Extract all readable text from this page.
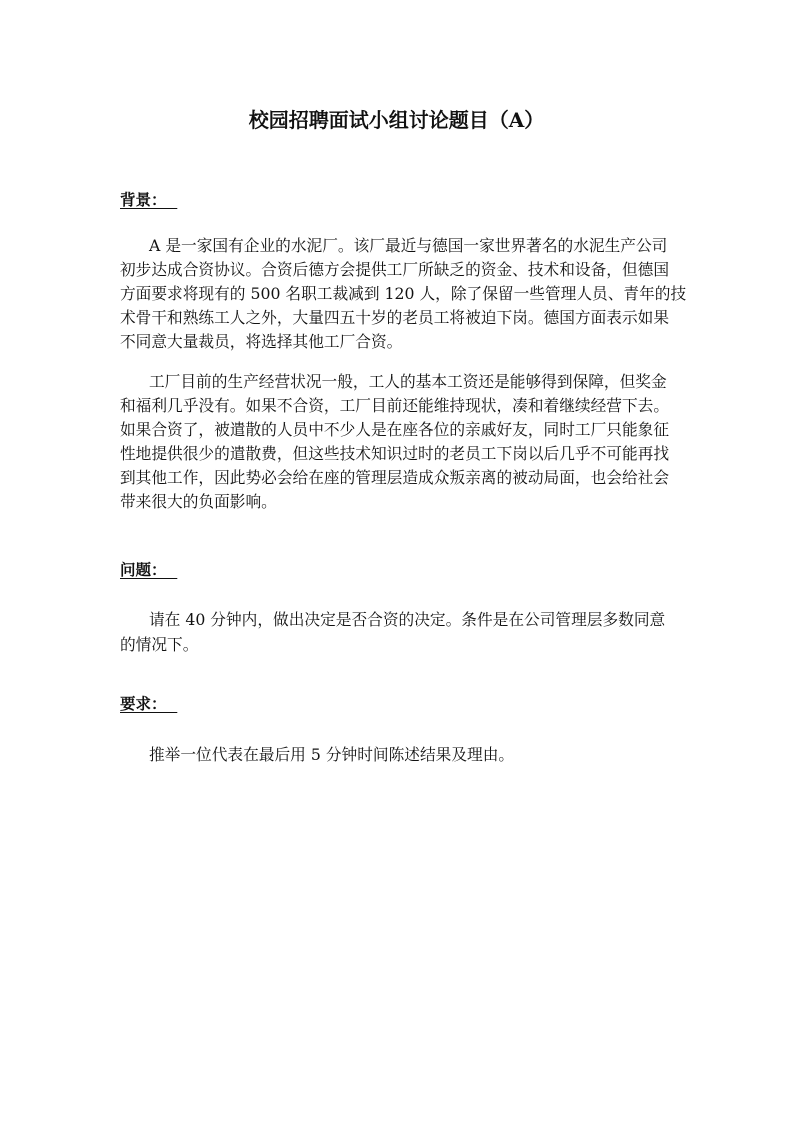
校园招聘面试小组讨论题目（A）
背景：
A 是一家国有企业的水泥厂。该厂最近与德国一家世界著名的水泥生产公司
初步达成合资协议。合资后德方会提供工厂所缺乏的资金、技术和设备，但德国
方面要求将现有的 500 名职工裁减到 120 人，除了保留一些管理人员、青年的技
术骨干和熟练工人之外，大量四五十岁的老员工将被迫下岗。德国方面表示如果
不同意大量裁员，将选择其他工厂合资。
工厂目前的生产经营状况一般，工人的基本工资还是能够得到保障，但奖金
和福利几乎没有。如果不合资，工厂目前还能维持现状，凑和着继续经营下去。
如果合资了，被遣散的人员中不少人是在座各位的亲戚好友，同时工厂只能象征
性地提供很少的遣散费，但这些技术知识过时的老员工下岗以后几乎不可能再找
到其他工作，因此势必会给在座的管理层造成众叛亲离的被动局面，也会给社会
带来很大的负面影响。
问题：
请在 40 分钟内，做出决定是否合资的决定。条件是在公司管理层多数同意
的情况下。
要求：
推举一位代表在最后用 5 分钟时间陈述结果及理由。
